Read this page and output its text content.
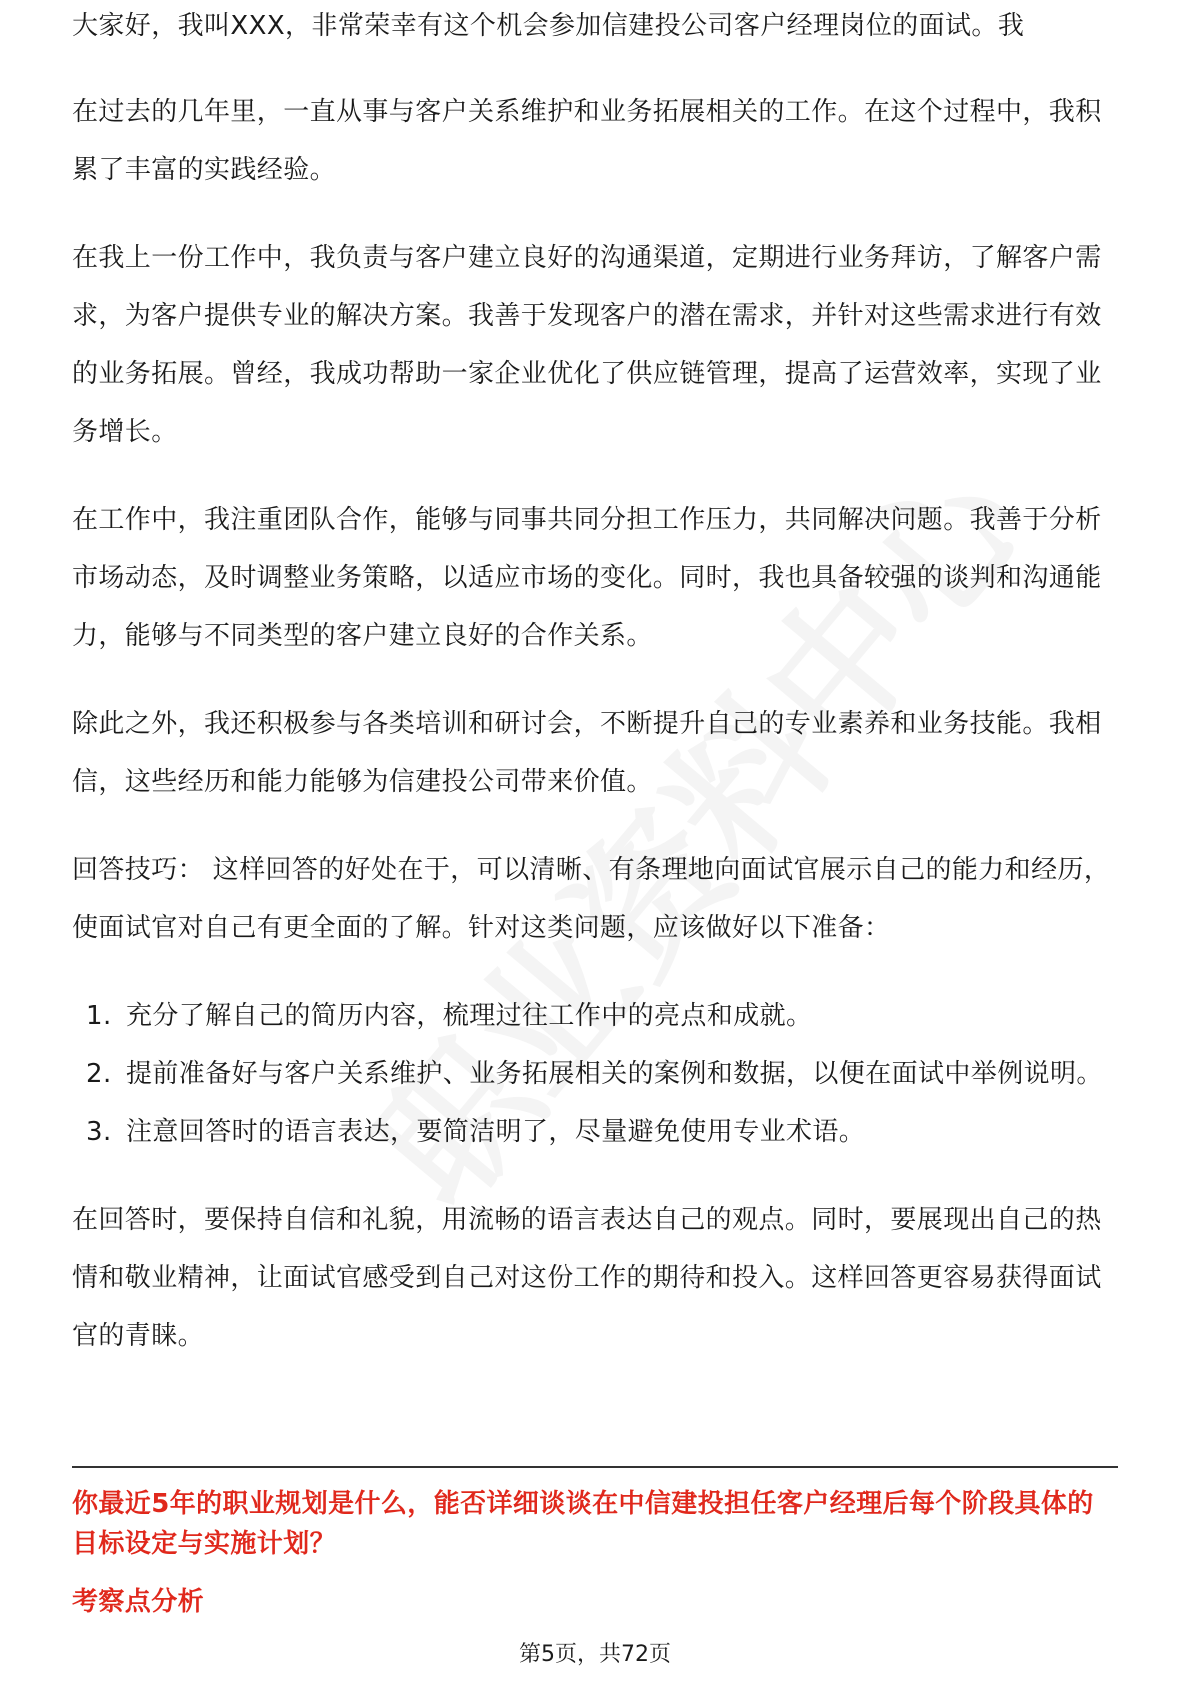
大家好，我叫XXX，非常荣幸有这个机会参加信建投公司客户经理岗位的面试。我

在过去的几年里，一直从事与客户关系维护和业务拓展相关的工作。在这个过程中，我积累了丰富的实践经验。

在我上一份工作中，我负责与客户建立良好的沟通渠道，定期进行业务拜访，了解客户需求，为客户提供专业的解决方案。我善于发现客户的潜在需求，并针对这些需求进行有效的业务拓展。曾经，我成功帮助一家企业优化了供应链管理，提高了运营效率，实现了业务增长。

在工作中，我注重团队合作，能够与同事共同分担工作压力，共同解决问题。我善于分析市场动态，及时调整业务策略，以适应市场的变化。同时，我也具备较强的谈判和沟通能力，能够与不同类型的客户建立良好的合作关系。

除此之外，我还积极参与各类培训和研讨会，不断提升自己的专业素养和业务技能。我相信，这些经历和能力能够为信建投公司带来价值。

回答技巧： 这样回答的好处在于，可以清晰、有条理地向面试官展示自己的能力和经历，使面试官对自己有更全面的了解。针对这类问题，应该做好以下准备：

1. 充分了解自己的简历内容，梳理过往工作中的亮点和成就。
2. 提前准备好与客户关系维护、业务拓展相关的案例和数据，以便在面试中举例说明。
3. 注意回答时的语言表达，要简洁明了，尽量避免使用专业术语。

在回答时，要保持自信和礼貌，用流畅的语言表达自己的观点。同时，要展现出自己的热情和敬业精神，让面试官感受到自己对这份工作的期待和投入。这样回答更容易获得面试官的青睐。

你最近5年的职业规划是什么，能否详细谈谈在中信建投担任客户经理后每个阶段具体的目标设定与实施计划？
考察点分析
第5页，共72页
